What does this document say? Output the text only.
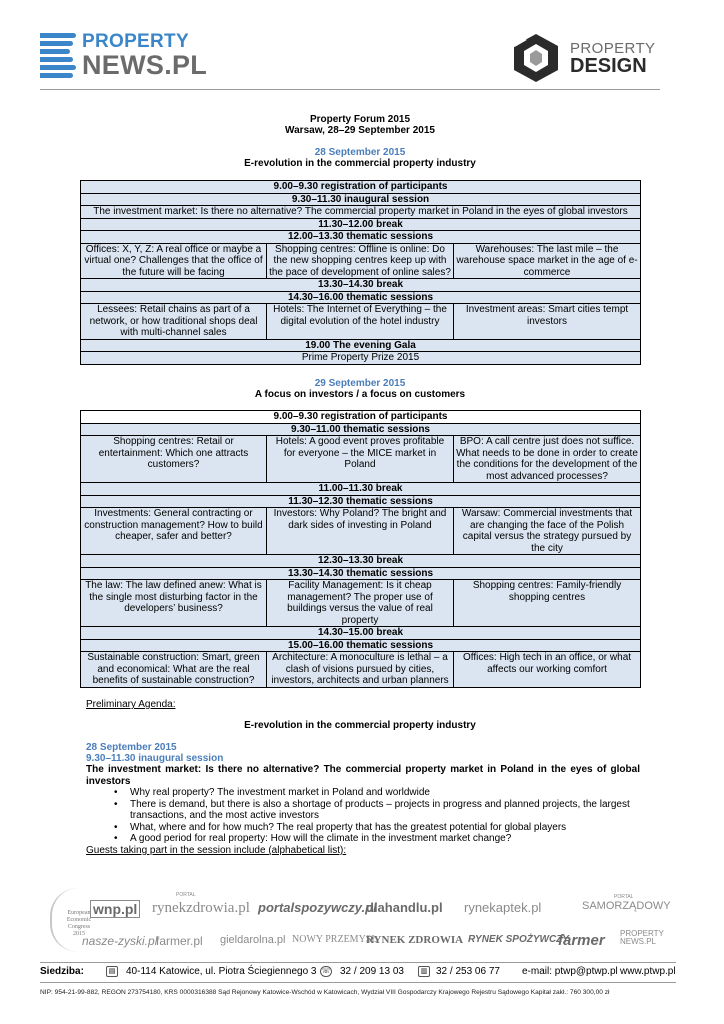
PROPERTY
NEWS.PL
PROPERTY
DESIGN
Property Forum 2015
Warsaw, 28–29 September 2015
28 September 2015
E-revolution in the commercial property industry
9.00–9.30 registration of participants		
9.30–11.30 inaugural session		
The investment market: Is there no alternative? The commercial property market in Poland in the eyes of global investors		
11.30–12.00 break		
12.00–13.30 thematic sessions		
Offices: X, Y, Z: A real office or maybe a virtual one? Challenges that the office of the future will be facing	Shopping centres: Offline is online: Do the new shopping centres keep up with the pace of development of online sales?	Warehouses: The last mile – the warehouse space market in the age of e-commerce
13.30–14.30 break		
14.30–16.00 thematic sessions		
Lessees: Retail chains as part of a network, or how traditional shops deal with multi-channel sales	Hotels: The Internet of Everything – the digital evolution of the hotel industry	Investment areas: Smart cities tempt investors
19.00 The evening Gala		
Prime Property Prize 2015		
29 September 2015
A focus on investors / a focus on customers
9.00–9.30 registration of participants		
9.30–11.00 thematic sessions		
Shopping centres: Retail or entertainment: Which one attracts customers?	Hotels: A good event proves profitable for everyone – the MICE market in Poland	BPO: A call centre just does not suffice. What needs to be done in order to create the conditions for the development of the most advanced processes?
11.00–11.30 break		
11.30–12.30 thematic sessions		
Investments: General contracting or construction management? How to build cheaper, safer and better?	Investors: Why Poland? The bright and dark sides of investing in Poland	Warsaw: Commercial investments that are changing the face of the Polish capital versus the strategy pursued by the city
12.30–13.30 break		
13.30–14.30 thematic sessions		
The law: The law defined anew: What is the single most disturbing factor in the developers’ business?	Facility Management: Is it cheap management? The proper use of buildings versus the value of real property	Shopping centres: Family-friendly shopping centres
14.30–15.00 break		
15.00–16.00 thematic sessions		
Sustainable construction: Smart, green and economical: What are the real benefits of sustainable construction?	Architecture: A monoculture is lethal – a clash of visions pursued by cities, investors, architects and urban planners	Offices: High tech in an office, or what affects our working comfort
Preliminary Agenda:
E-revolution in the commercial property industry
28 September 2015
9.30–11.30 inaugural session
The investment market: Is there no alternative? The commercial property market in Poland in the eyes of global investors
• Why real property? The investment market in Poland and worldwide
• There is demand, but there is also a shortage of products – projects in progress and planned projects, the largest transactions, and the most active investors
• What, where and for how much? The real property that has the greatest potential for global players
• A good period for real property: How will the climate in the investment market change?
Guests taking part in the session include (alphabetical list):
European Economic Congress 2015
wnp.pl rynekzdrowia.pl
PORTAL
portalspozywczy.pl
dlahandlu.pl rynekaptek.pl
PORTAL
SAMORZĄDOWY
nasze-zyski.pl
farmer.pl gieldarolna.pl NOWY PRZEMYSŁ
RYNEK ZDROWIA RYNEK SPOŻYWCZY
farmer PROPERTY NEWS.PL
Siedziba:	▤ 40-114 Katowice, ul. Piotra Ściegiennego 3 ☏ 32 / 209 13 03	▥ 32 / 253 06 77 e-mail: ptwp@ptwp.pl www.ptwp.pl
NIP: 954-21-99-882, REGON 273754180, KRS 0000316388 Sąd Rejonowy Katowice-Wschód w Katowicach, Wydział VIII Gospodarczy Krajowego Rejestru Sądowego Kapitał zakł.: 760 300,00 zł
